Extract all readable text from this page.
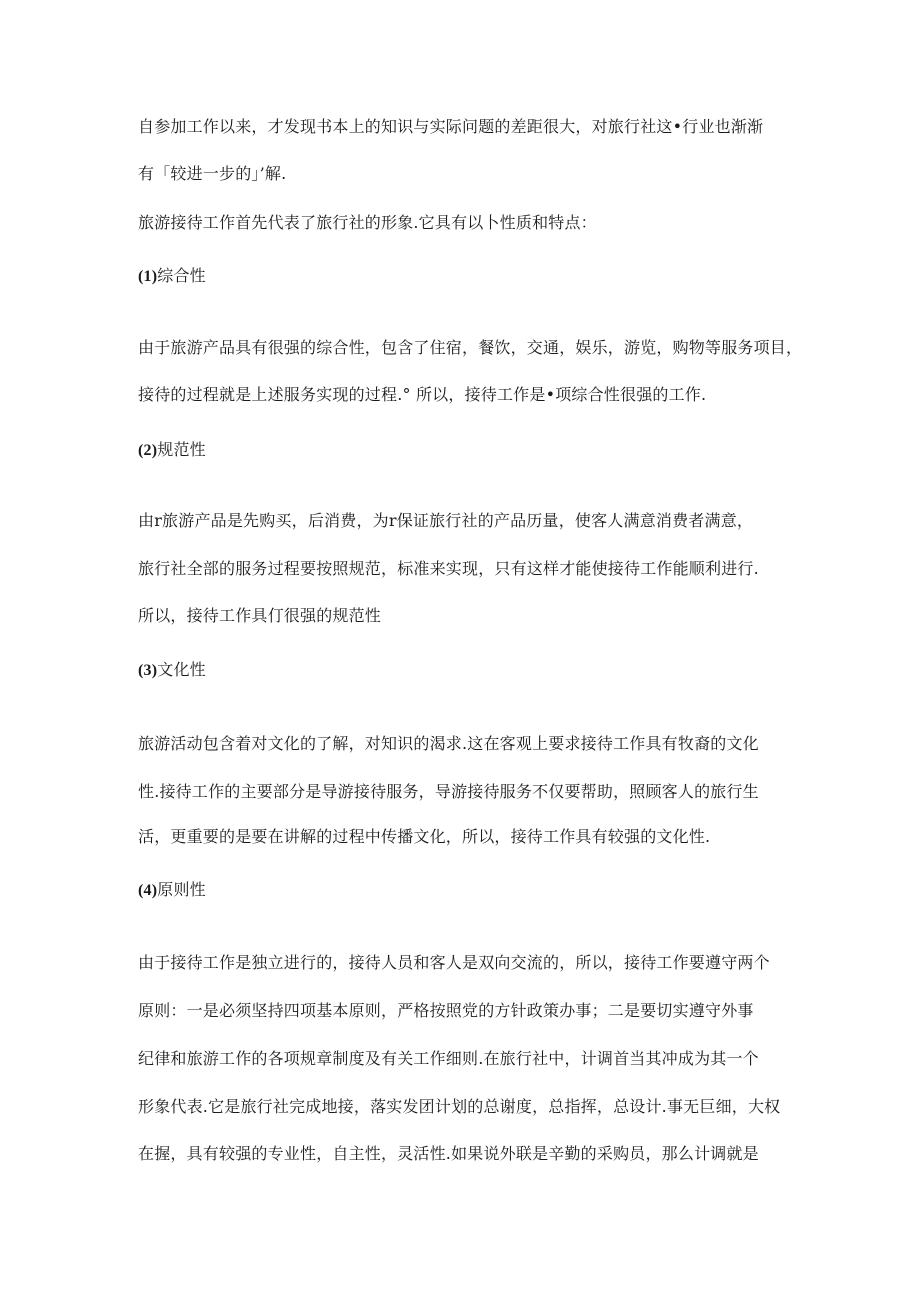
自参加工作以来，才发现书本上的知识与实际问题的差距很大，对旅行社这•行业也渐渐
有「较进一步的」’解.
旅游接待工作首先代表了旅行社的形象.它具有以卜性质和特点：
(1)综合性
由于旅游产品具有很强的综合性，包含了住宿，餐饮，交通，娱乐，游览，购物等服务项目，
接待的过程就是上述服务实现的过程.° 所以，接待工作是•项综合性很强的工作.
(2)规范性
由r旅游产品是先购买，后消费，为r保证旅行社的产品历量，使客人满意消费者满意，
旅行社全部的服务过程要按照规范，标准来实现，只有这样才能使接待工作能顺利进行.
所以，接待工作具仃很强的规范性
(3)文化性
旅游活动包含着对文化的了解，对知识的渴求.这在客观上要求接待工作具有牧裔的文化
性.接待工作的主要部分是导游接待服务，导游接待服务不仅要帮助，照顾客人的旅行生
活，更重要的是要在讲解的过程中传播文化，所以，接待工作具有较强的文化性.
(4)原则性
由于接待工作是独立进行的，接待人员和客人是双向交流的，所以，接待工作要遵守两个
原则：一是必须坚持四项基本原则，严格按照党的方针政策办事；二是要切实遵守外事
纪律和旅游工作的各项规章制度及有关工作细则.在旅行社中，计调首当其冲成为其一个
形象代表.它是旅行社完成地接，落实发团计划的总谢度，总指挥，总设计.事无巨细，大权
在握，具有较强的专业性，自主性，灵活性.如果说外联是辛勤的采购员，那么计调就是
